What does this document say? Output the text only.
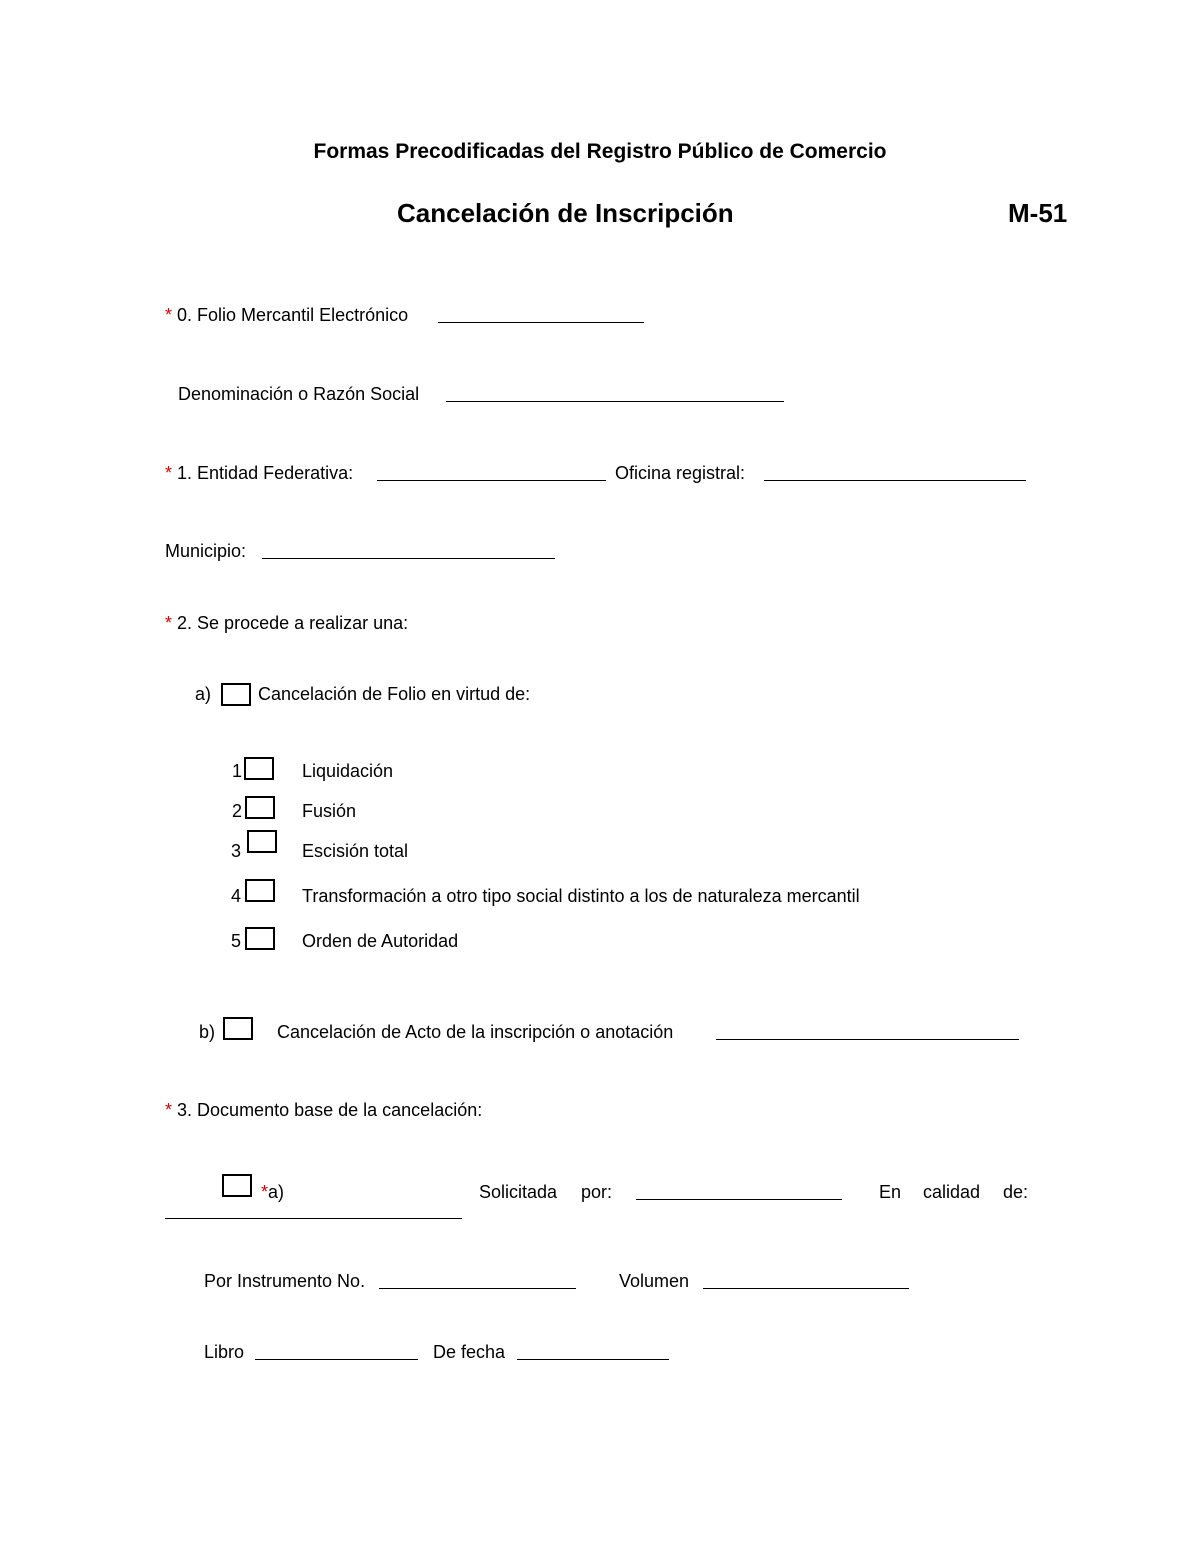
Formas Precodificadas del Registro Público de Comercio
Cancelación de Inscripción	M-51
* 0. Folio Mercantil Electrónico
Denominación o Razón Social
* 1. Entidad Federativa:	Oficina registral:
Municipio:
* 2. Se procede a realizar una:
a)	Cancelación de Folio en virtud de:
1	Liquidación
2	Fusión
3	Escisión total
4	Transformación a otro tipo social distinto a los de naturaleza mercantil
5	Orden de Autoridad
b)	Cancelación de Acto de la inscripción o anotación
* 3. Documento base de la cancelación:
*a)	Solicitada por:	En calidad de:
Por Instrumento No.	Volumen
Libro	De fecha
